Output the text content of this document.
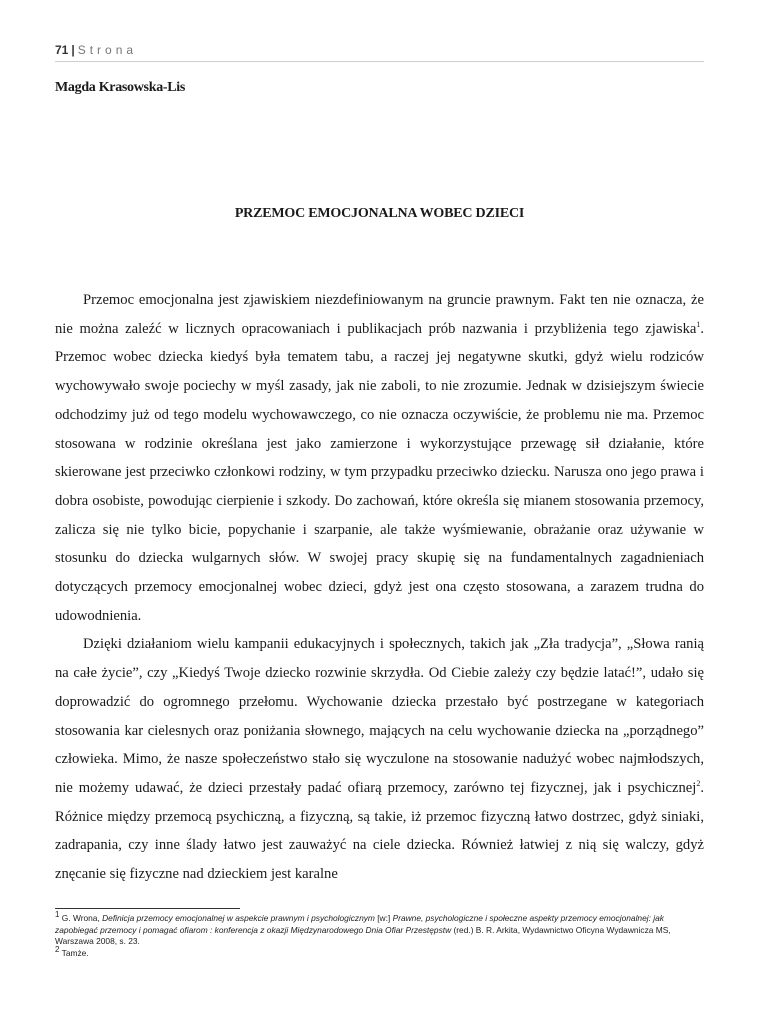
71 | Strona
Magda Krasowska-Lis
PRZEMOC EMOCJONALNA WOBEC DZIECI

Przemoc emocjonalna jest zjawiskiem niezdefiniowanym na gruncie prawnym. Fakt ten nie oznacza, że nie można zaleźć w licznych opracowaniach i publikacjach prób nazwania i przybliżenia tego zjawiska$^1$. Przemoc wobec dziecka kiedyś była tematem tabu, a raczej jej negatywne skutki, gdyż wielu rodziców wychowywało swoje pociechy w myśl zasady, jak nie zaboli, to nie zrozumie. Jednak w dzisiejszym świecie odchodzimy już od tego modelu wychowawczego, co nie oznacza oczywiście, że problemu nie ma. Przemoc stosowana w rodzinie określana jest jako zamierzone i wykorzystujące przewagę sił działanie, które skierowane jest przeciwko członkowi rodziny, w tym przypadku przeciwko dziecku. Narusza ono jego prawa i dobra osobiste, powodując cierpienie i szkody. Do zachowań, które określa się mianem stosowania przemocy, zalicza się nie tylko bicie, popychanie i szarpanie, ale także wyśmiewanie, obrażanie oraz używanie w stosunku do dziecka wulgarnych słów. W swojej pracy skupię się na fundamentalnych zagadnieniach dotyczących przemocy emocjonalnej wobec dzieci, gdyż jest ona często stosowana, a zarazem trudna do udowodnienia.

Dzięki działaniom wielu kampanii edukacyjnych i społecznych, takich jak „Zła tradycja”, „Słowa ranią na całe życie”, czy „Kiedyś Twoje dziecko rozwinie skrzydła. Od Ciebie zależy czy będzie latać!”, udało się doprowadzić do ogromnego przełomu. Wychowanie dziecka przestało być postrzegane w kategoriach stosowania kar cielesnych oraz poniżania słownego, mających na celu wychowanie dziecka na „porządnego” człowieka. Mimo, że nasze społeczeństwo stało się wyczulone na stosowanie nadużyć wobec najmłodszych, nie możemy udawać, że dzieci przestały padać ofiarą przemocy, zarówno tej fizycznej, jak i psychicznej$^2$. Różnice między przemocą psychiczną, a fizyczną, są takie, iż przemoc fizyczną łatwo dostrzec, gdyż siniaki, zadrapania, czy inne ślady łatwo jest zauważyć na ciele dziecka. Również łatwiej z nią się walczy, gdyż znęcanie się fizyczne nad dzieckiem jest karalne

$^1$ G. Wrona, Definicja przemocy emocjonalnej w aspekcie prawnym i psychologicznym [w:] Prawne, psychologiczne i społeczne aspekty przemocy emocjonalnej: jak zapobiegać przemocy i pomagać ofiarom : konferencja z okazji Międzynarodowego Dnia Ofiar Przestępstw (red.) B. R. Arkita, Wydawnictwo Oficyna Wydawnicza MS, Warszawa 2008, s. 23.

$^2$ Tamże.
